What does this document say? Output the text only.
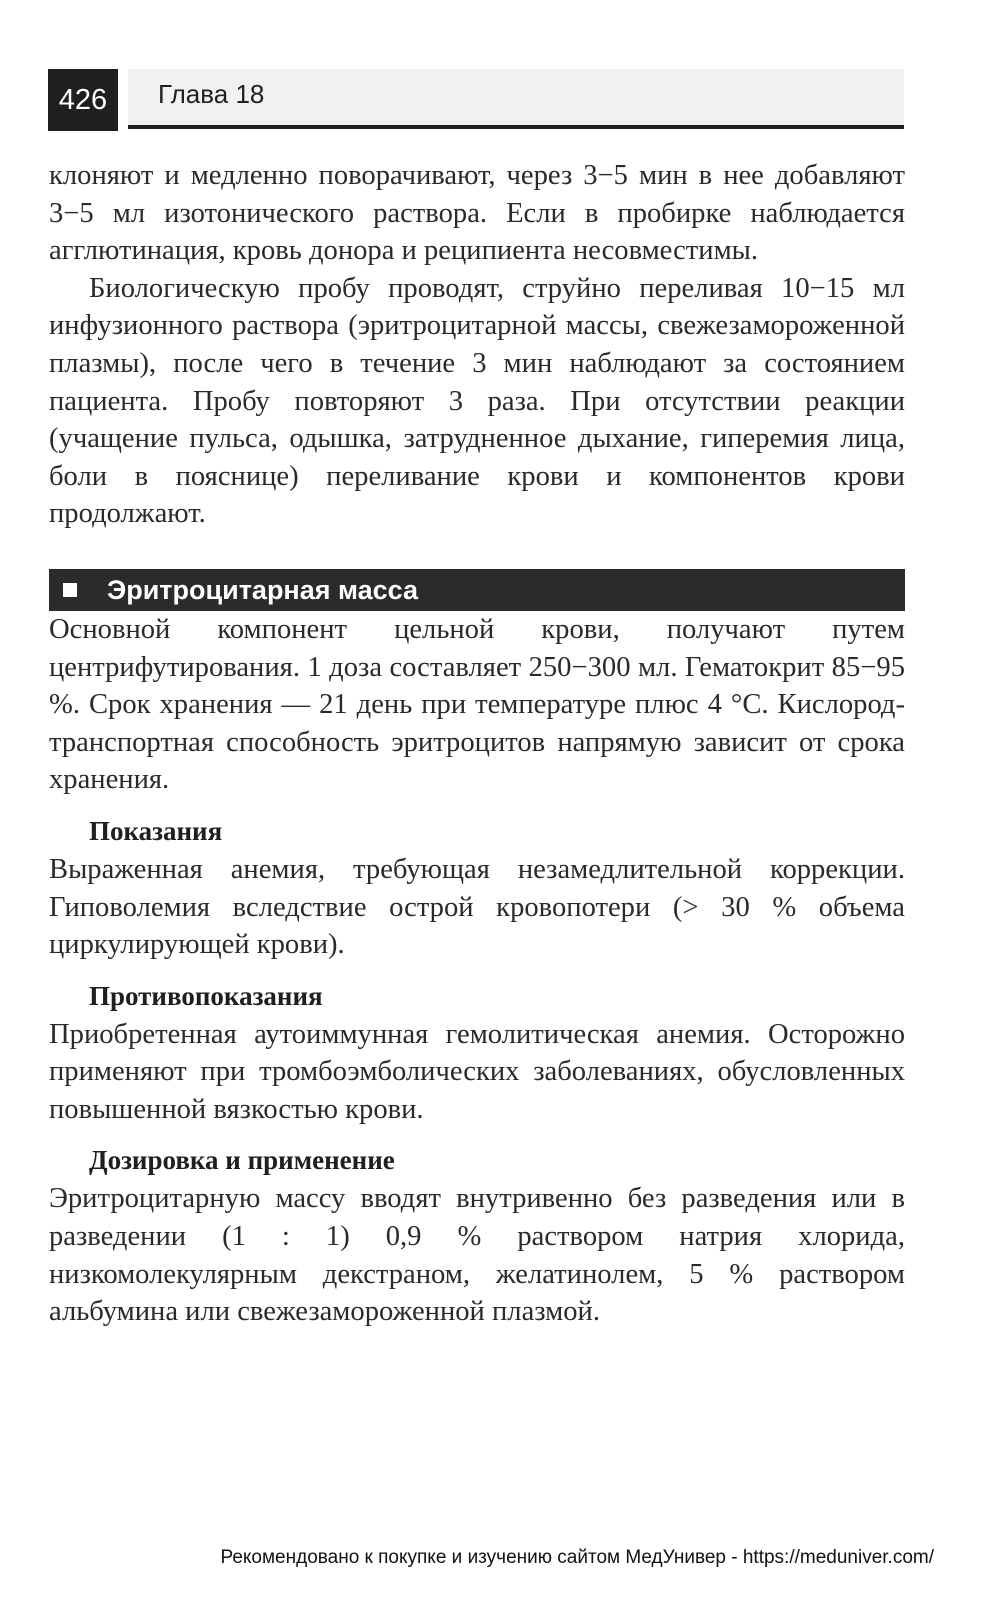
426	Глава 18

клоняют и медленно поворачивают, через 3−5 мин в нее добавляют 3−5 мл изотонического раствора. Если в пробирке наблюдается агглютинация, кровь донора и реципиента несовместимы.

Биологическую пробу проводят, струйно переливая 10−15 мл инфузионного раствора (эритроцитарной массы, свежезамороженной плазмы), после чего в течение 3 мин наблюдают за состоянием пациента. Пробу повторяют 3 раза. При отсутствии реакции (учащение пульса, одышка, затрудненное дыхание, гиперемия лица, боли в пояснице) переливание крови и компонентов крови продолжают.

Эритроцитарная масса

Основной компонент цельной крови, получают путем центрифутирования. 1 доза составляет 250−300 мл. Гематокрит 85−95 %. Срок хранения — 21 день при температуре плюс 4 °С. Кислород-транспортная способность эритроцитов напрямую зависит от срока хранения.

Показания

Выраженная анемия, требующая незамедлительной коррекции. Гиповолемия вследствие острой кровопотери (> 30 % объема циркулирующей крови).

Противопоказания

Приобретенная аутоиммунная гемолитическая анемия. Осторожно применяют при тромбоэмболических заболеваниях, обусловленных повышенной вязкостью крови.

Дозировка и применение

Эритроцитарную массу вводят внутривенно без разведения или в разведении (1 : 1) 0,9 % раствором натрия хлорида, низкомолекулярным декстраном, желатинолем, 5 % раствором альбумина или свежезамороженной плазмой.

Рекомендовано к покупке и изучению сайтом МедУнивер - https://meduniver.com/
